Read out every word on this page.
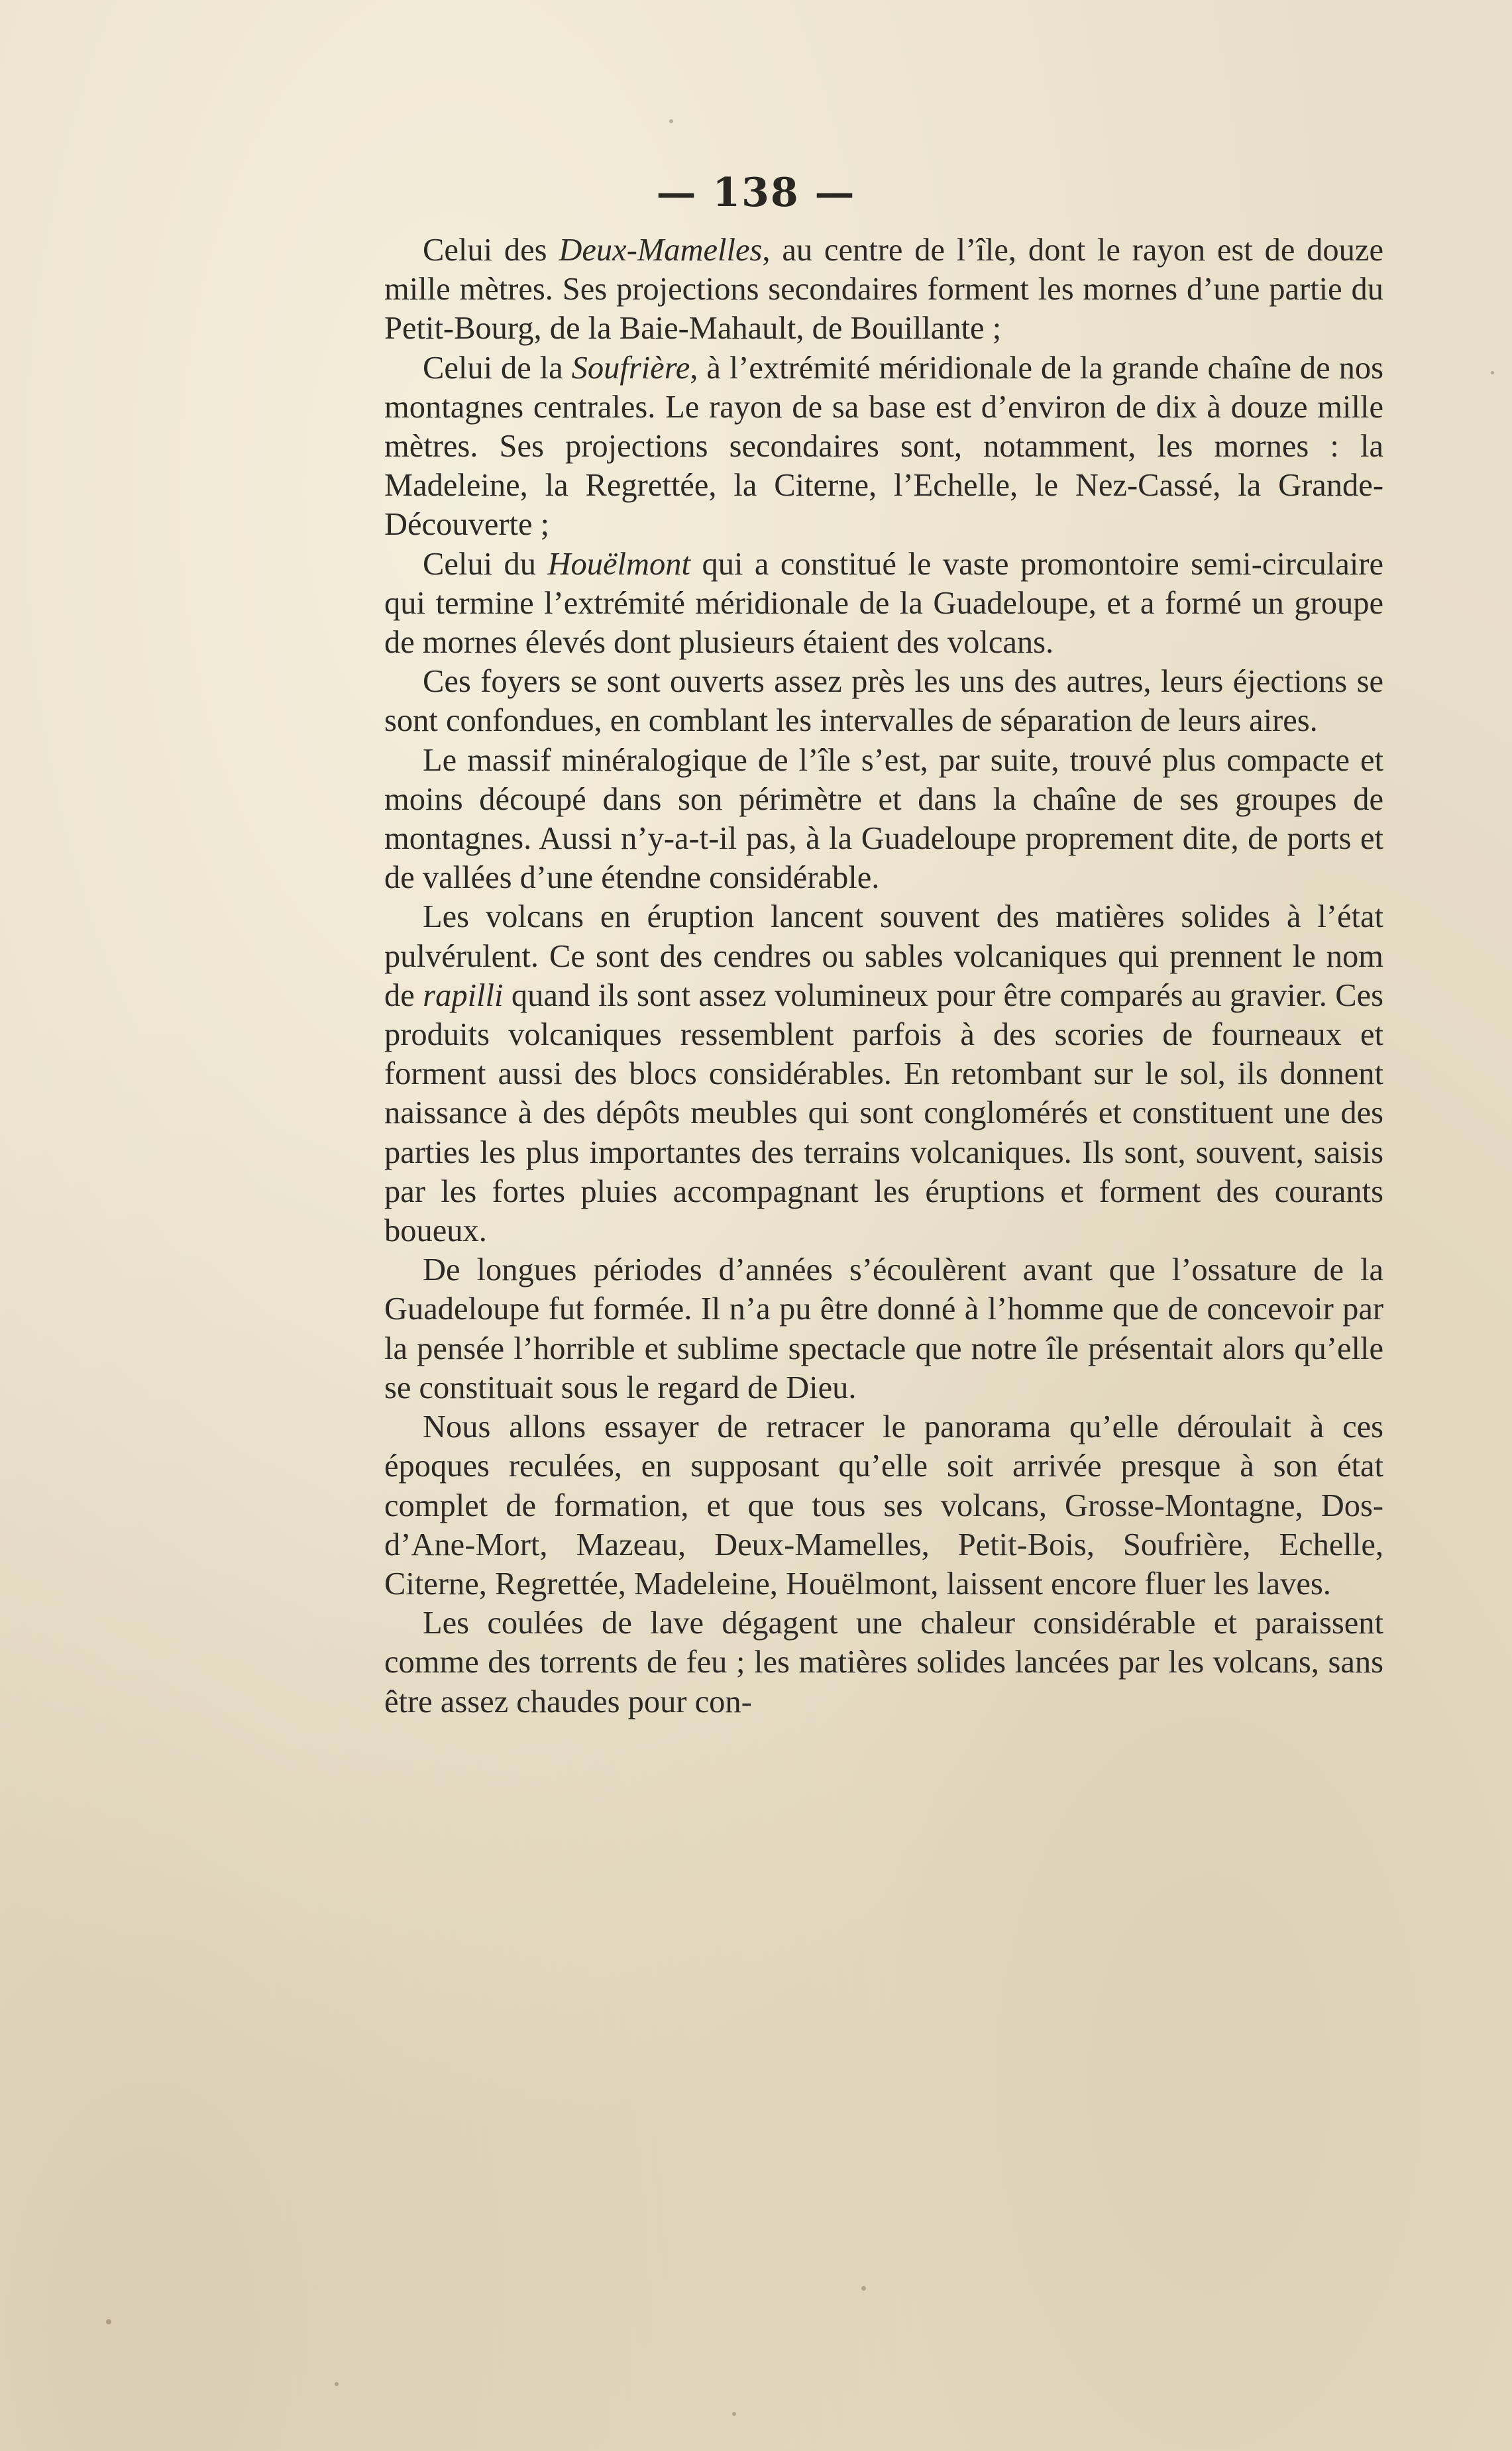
— 138 —

Celui des Deux-Mamelles, au centre de l’île, dont le rayon est de douze mille mètres. Ses projections secondaires forment les mornes d’une partie du Petit-Bourg, de la Baie-Mahault, de Bouillante ;

Celui de la Soufrière, à l’extrémité méridionale de la grande chaîne de nos montagnes centrales. Le rayon de sa base est d’environ de dix à douze mille mètres. Ses projections secondaires sont, notamment, les mornes : la Madeleine, la Regrettée, la Citerne, l’Echelle, le Nez-Cassé, la Grande-Découverte ;

Celui du Houëlmont qui a constitué le vaste promontoire semi-circulaire qui termine l’extrémité méridionale de la Guadeloupe, et a formé un groupe de mornes élevés dont plusieurs étaient des volcans.

Ces foyers se sont ouverts assez près les uns des autres, leurs éjections se sont confondues, en comblant les intervalles de séparation de leurs aires.

Le massif minéralogique de l’île s’est, par suite, trouvé plus compacte et moins découpé dans son périmètre et dans la chaîne de ses groupes de montagnes. Aussi n’y-a-t-il pas, à la Guadeloupe proprement dite, de ports et de vallées d’une étendne considérable.

Les volcans en éruption lancent souvent des matières solides à l’état pulvérulent. Ce sont des cendres ou sables volcaniques qui prennent le nom de rapilli quand ils sont assez volumineux pour être comparés au gravier. Ces produits volcaniques ressemblent parfois à des scories de fourneaux et forment aussi des blocs considérables. En retombant sur le sol, ils donnent naissance à des dépôts meubles qui sont conglomérés et constituent une des parties les plus importantes des terrains volcaniques. Ils sont, souvent, saisis par les fortes pluies accompagnant les éruptions et forment des courants boueux.

De longues périodes d’années s’écoulèrent avant que l’ossature de la Guadeloupe fut formée. Il n’a pu être donné à l’homme que de concevoir par la pensée l’horrible et sublime spectacle que notre île présentait alors qu’elle se constituait sous le regard de Dieu.

Nous allons essayer de retracer le panorama qu’elle déroulait à ces époques reculées, en supposant qu’elle soit arrivée presque à son état complet de formation, et que tous ses volcans, Grosse-Montagne, Dos-d’Ane-Mort, Mazeau, Deux-Mamelles, Petit-Bois, Soufrière, Echelle, Citerne, Regrettée, Madeleine, Houëlmont, laissent encore fluer les laves.

Les coulées de lave dégagent une chaleur considérable et paraissent comme des torrents de feu ; les matières solides lancées par les volcans, sans être assez chaudes pour con-
